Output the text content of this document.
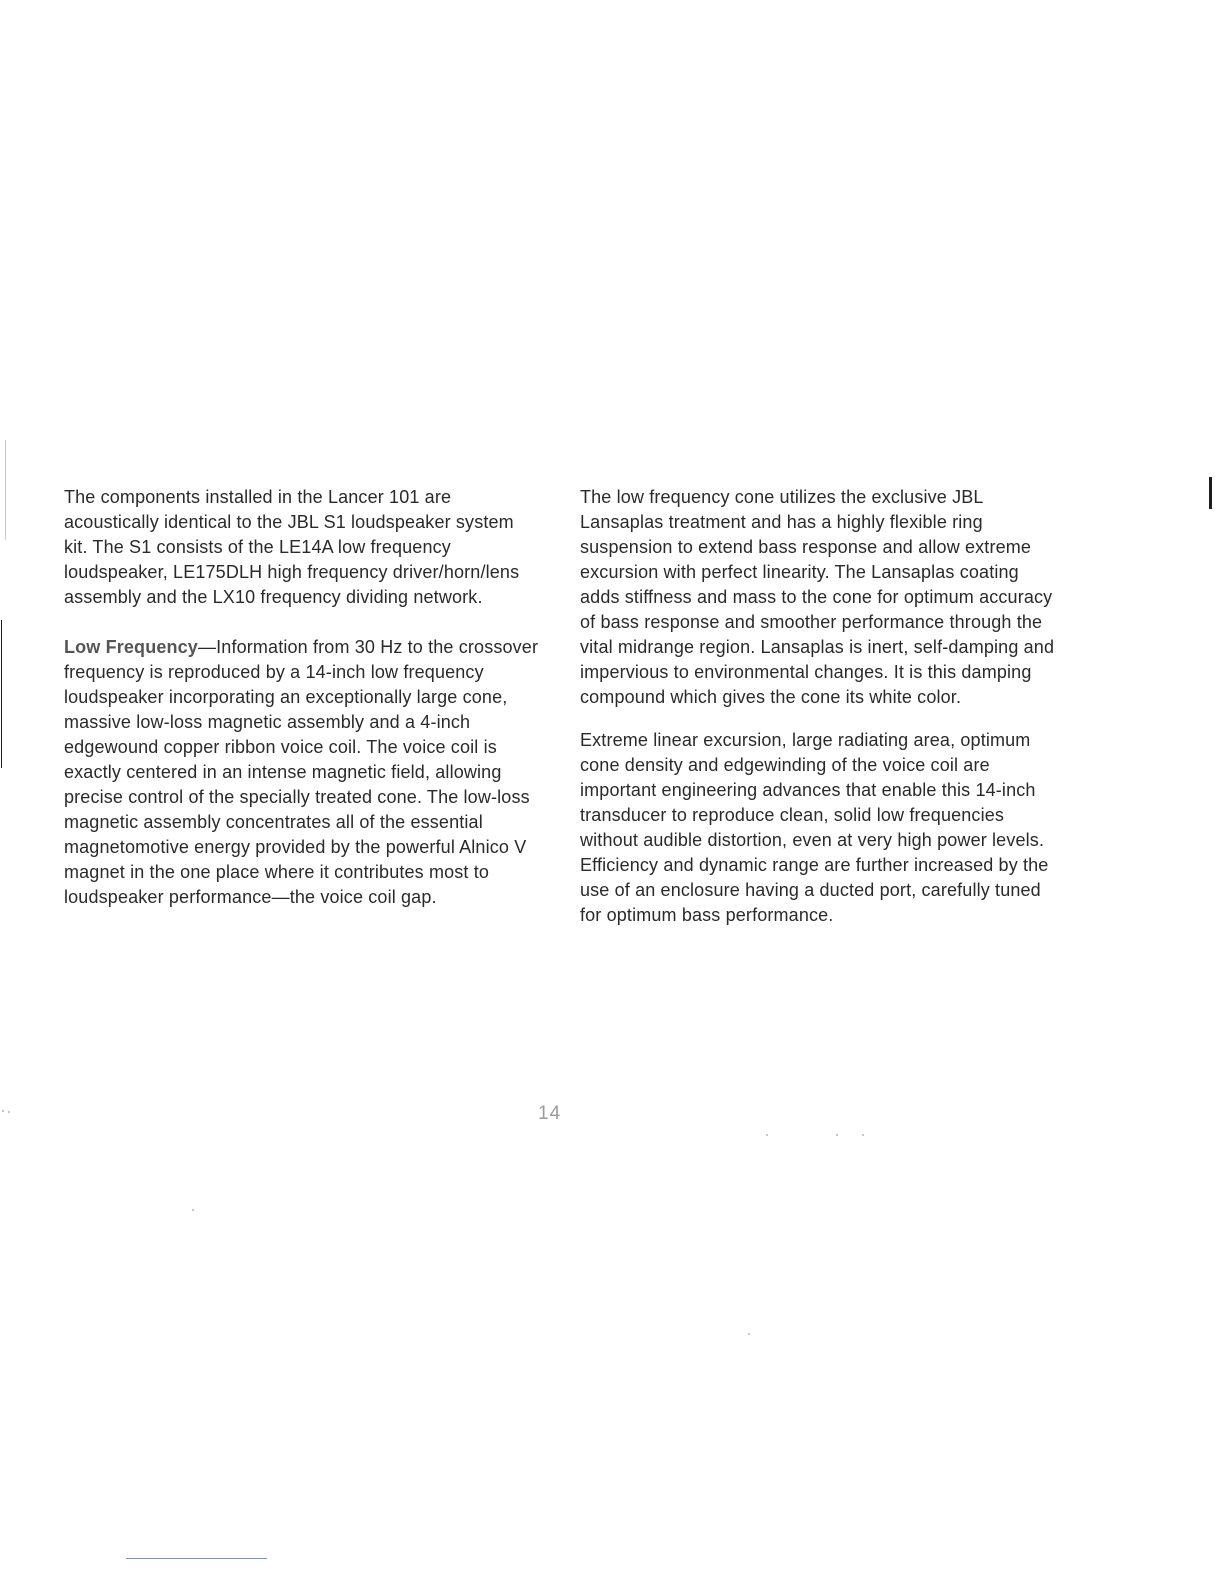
The components installed in the Lancer 101 are acoustically identical to the JBL S1 loudspeaker system kit. The S1 consists of the LE14A low frequency loudspeaker, LE175DLH high frequency driver/horn/lens assembly and the LX10 frequency dividing network.

Low Frequency—Information from 30 Hz to the crossover frequency is reproduced by a 14-inch low frequency loudspeaker incorporating an exceptionally large cone, massive low-loss magnetic assembly and a 4-inch edgewound copper ribbon voice coil. The voice coil is exactly centered in an intense magnetic field, allowing precise control of the specially treated cone. The low-loss magnetic assembly concentrates all of the essential magnetomotive energy provided by the powerful Alnico V magnet in the one place where it contributes most to loudspeaker performance—the voice coil gap.

The low frequency cone utilizes the exclusive JBL Lansaplas treatment and has a highly flexible ring suspension to extend bass response and allow extreme excursion with perfect linearity. The Lansaplas coating adds stiffness and mass to the cone for optimum accuracy of bass response and smoother performance through the vital midrange region. Lansaplas is inert, self-damping and impervious to environmental changes. It is this damping compound which gives the cone its white color.

Extreme linear excursion, large radiating area, optimum cone density and edgewinding of the voice coil are important engineering advances that enable this 14-inch transducer to reproduce clean, solid low frequencies without audible distortion, even at very high power levels. Efficiency and dynamic range are further increased by the use of an enclosure having a ducted port, carefully tuned for optimum bass performance.

14
